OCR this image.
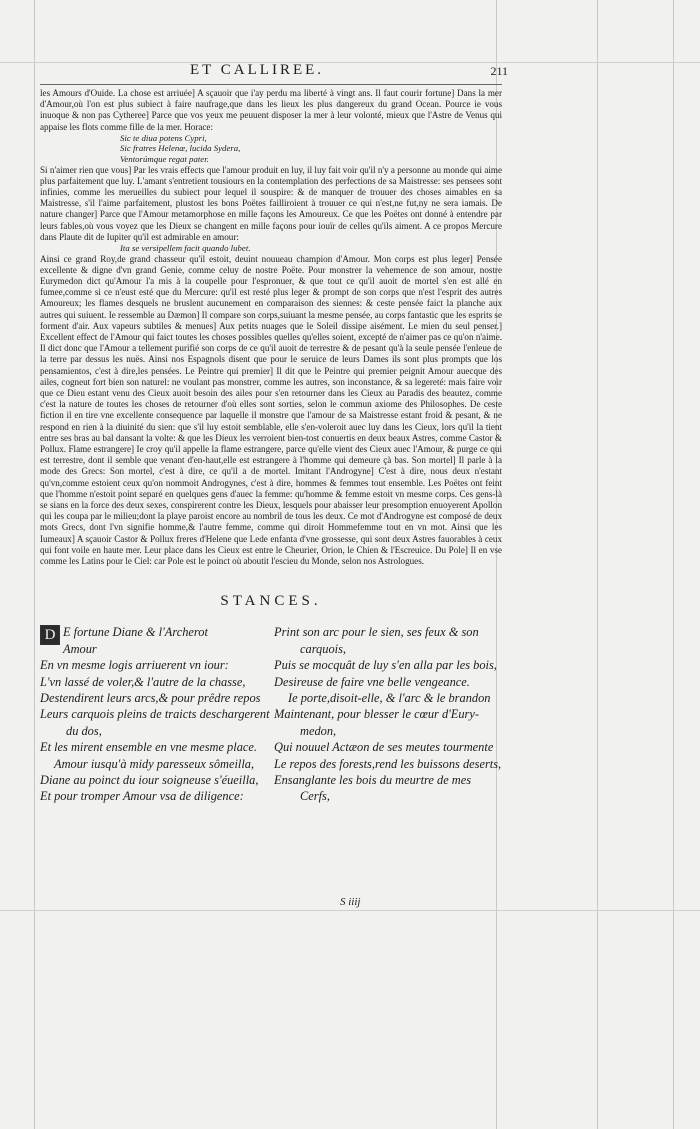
ET CALLIREE.	211

les Amours d'Ouide. La chose est arriuée] A sçauoir que i'ay perdu ma liberté à vingt ans. Il faut courir fortune] Dans la mer d'Amour,où l'on est plus subiect à faire naufrage,que dans les lieux les plus dangereux du grand Ocean. Pource ie vous inuoque & non pas Cytheree] Parce que vos yeux me peuuent disposer la mer à leur volonté, mieux que l'Astre de Venus qui appaise les flots comme fille de la mer. Horace:

Sic te diua potens Cypri,
Sic fratres Helenæ, lucida Sydera,
Ventorúmque regat pater.

Si n'aimer rien que vous] Par les vrais effects que l'amour produit en luy, il luy fait voir qu'il n'y a personne au monde qui aime plus parfaitement que luy. L'amant s'entretient tousiours en la contemplation des perfections de sa Maistresse: ses pensees sont infinies, comme les merueilles du subiect pour lequel il souspire: & de manquer de trouuer des choses aimables en sa Maistresse, s'il l'aime parfaitement, plustost les bons Poëtes failliroient à trouuer ce qui n'est,ne fut,ny ne sera iamais. De nature changer] Parce que l'Amour metamorphose en mille façons les Amoureux. Ce que les Poëtes ont donné à entendre par leurs fables,où vous voyez que les Dieux se changent en mille façons pour iouïr de celles qu'ils aiment. A ce propos Mercure dans Plaute dit de Iupiter qu'il est admirable en amour:

Ita se versipellem facit quando lubet.

Ainsi ce grand Roy,de grand chasseur qu'il estoit, deuint nouueau champion d'Amour. Mon corps est plus leger] Pensée excellente & digne d'vn grand Genie, comme celuy de nostre Poëte. Pour monstrer la vehemence de son amour, nostre Eurymedon dict qu'Amour l'a mis à la coupelle pour l'espronuer, & que tout ce qu'il auoit de mortel s'en est allé en fumee,comme si ce n'eust esté que du Mercure: qu'il est resté plus leger & prompt de son corps que n'est l'esprit des autres Amoureux; les flames desquels ne bruslent aucunement en comparaison des siennes: & ceste pensée faict la planche aux autres qui suiuent. Ie ressemble au Dæmon] Il compare son corps,suiuant la mesme pensée, au corps fantastic que les esprits se forment d'air. Aux vapeurs subtiles & menues] Aux petits nuages que le Soleil dissipe aisément. Le mien du seul penser.] Excellent effect de l'Amour qui faict toutes les choses possibles quelles qu'elles soient, excepté de n'aimer pas ce qu'on n'aime. Il dict donc que l'Amour a tellement purifié son corps de ce qu'il auoit de terrestre & de pesant qu'à la seule pensée l'enleue de la terre par dessus les nuës. Ainsi nos Espagnols disent que pour le seruice de leurs Dames ils sont plus prompts que los pensamientos, c'est à dire,les pensées. Le Peintre qui premier] Il dit que le Peintre qui premier peignit Amour auecque des ailes, cogneut fort bien son naturel: ne voulant pas monstrer, comme les autres, son inconstance, & sa legereté: mais faire voir que ce Dieu estant venu des Cieux auoit besoin des ailes pour s'en retourner dans les Cieux au Paradis des beautez, comme c'est la nature de toutes les choses de retourner d'où elles sont sorties, selon le commun axiome des Philosophes. De ceste fiction il en tire vne excellente consequence par laquelle il monstre que l'amour de sa Maistresse estant froid & pesant, & ne respond en rien à la diuinité du sien: que s'il luy estoit semblable, elle s'en-voleroit auec luy dans les Cieux, lors qu'il la tient entre ses bras au bal dansant la volte: & que les Dieux les verroient bien-tost conuertis en deux beaux Astres, comme Castor & Pollux. Flame estrangere] Ie croy qu'il appelle la flame estrangere, parce qu'elle vient des Cieux auec l'Amour, & purge ce qui est terrestre, dont il semble que venant d'en-haut,elle est estrangere à l'homme qui demeure çà bas. Son mortel] Il parle à la mode des Grecs: Son mortel, c'est à dire, ce qu'il a de mortel. Imitant l'Androgyne] C'est à dire, nous deux n'estant qu'vn,comme estoient ceux qu'on nommoit Androgynes, c'est à dire, hommes & femmes tout ensemble. Les Poëtes ont feint que l'homme n'estoit point separé en quelques gens d'auec la femme: qu'homme & femme estoit vn mesme corps. Ces gens-là se sians en la force des deux sexes, conspirerent contre les Dieux, lesquels pour abaisser leur presomption enuoyerent Apollon qui les coupa par le milieu;dont la playe paroist encore au nombril de tous les deux. Ce mot d'Androgyne est composé de deux mots Grecs, dont l'vn signifie homme,& l'autre femme, comme qui diroit Hommefemme tout en vn mot. Ainsi que les Iumeaux] A sçauoir Castor & Pollux freres d'Helene que Lede enfanta d'vne grossesse, qui sont deux Astres fauorables à ceux qui font voile en haute mer. Leur place dans les Cieux est entre le Cheurier, Orion, le Chien & l'Escreuice. Du Pole] Il en vse comme les Latins pour le Ciel: car Pole est le poinct où aboutit l'escieu du Monde, selon nos Astrologues.

STANCES.
D E fortune Diane & l'Archerot
Amour
En vn mesme logis arriuerent vn iour:
L'vn lassé de voler,& l'autre de la chasse,
Destendirent leurs arcs,& pour prêdre repos
Leurs carquois pleins de traicts deschargerent
du dos,
Et les mirent ensemble en vne mesme place.
Amour iusqu'à midy paresseux sômeilla,
Diane au poinct du iour soigneuse s'éueilla,
Et pour tromper Amour vsa de diligence:
Print son arc pour le sien, ses feux & son
carquois,
Puis se mocquât de luy s'en alla par les bois,
Desireuse de faire vne belle vengeance.
Ie porte,disoit-elle, & l'arc & le brandon
Maintenant, pour blesser le cœur d'Eury-
medon,
Qui nouuel Actæon de ses meutes tourmente
Le repos des forests,rend les buissons deserts,
Ensanglante les bois du meurtre de mes
Cerfs,
S iiij
